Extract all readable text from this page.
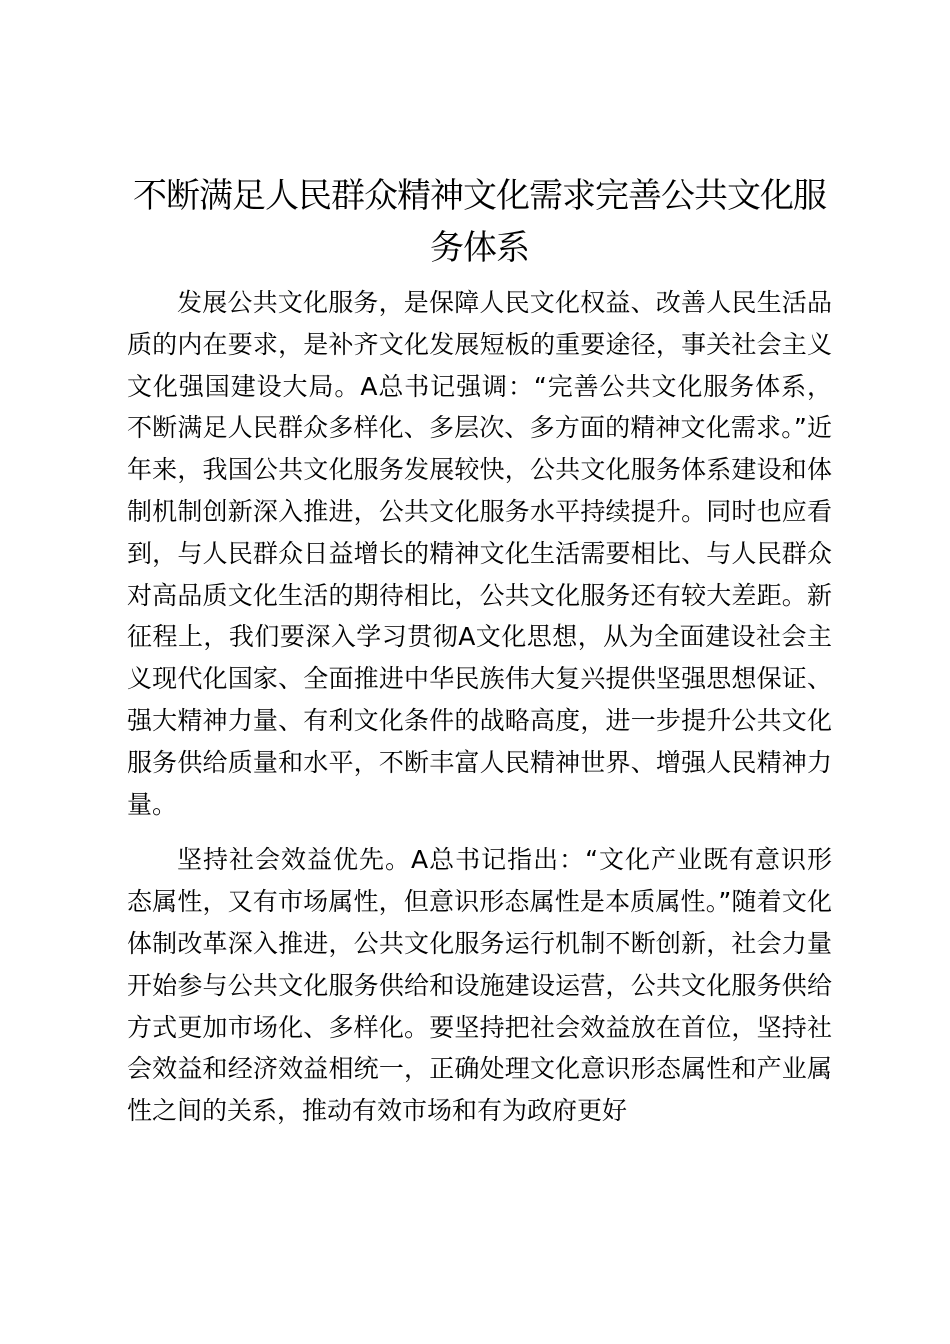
不断满足人民群众精神文化需求完善公共文化服务体系

发展公共文化服务，是保障人民文化权益、改善人民生活品质的内在要求，是补齐文化发展短板的重要途径，事关社会主义文化强国建设大局。A总书记强调：“完善公共文化服务体系，不断满足人民群众多样化、多层次、多方面的精神文化需求。”近年来，我国公共文化服务发展较快，公共文化服务体系建设和体制机制创新深入推进，公共文化服务水平持续提升。同时也应看到，与人民群众日益增长的精神文化生活需要相比、与人民群众对高品质文化生活的期待相比，公共文化服务还有较大差距。新征程上，我们要深入学习贯彻A文化思想，从为全面建设社会主义现代化国家、全面推进中华民族伟大复兴提供坚强思想保证、强大精神力量、有利文化条件的战略高度，进一步提升公共文化服务供给质量和水平，不断丰富人民精神世界、增强人民精神力量。

坚持社会效益优先。A总书记指出：“文化产业既有意识形态属性，又有市场属性，但意识形态属性是本质属性。”随着文化体制改革深入推进，公共文化服务运行机制不断创新，社会力量开始参与公共文化服务供给和设施建设运营，公共文化服务供给方式更加市场化、多样化。要坚持把社会效益放在首位，坚持社会效益和经济效益相统一，正确处理文化意识形态属性和产业属性之间的关系，推动有效市场和有为政府更好
